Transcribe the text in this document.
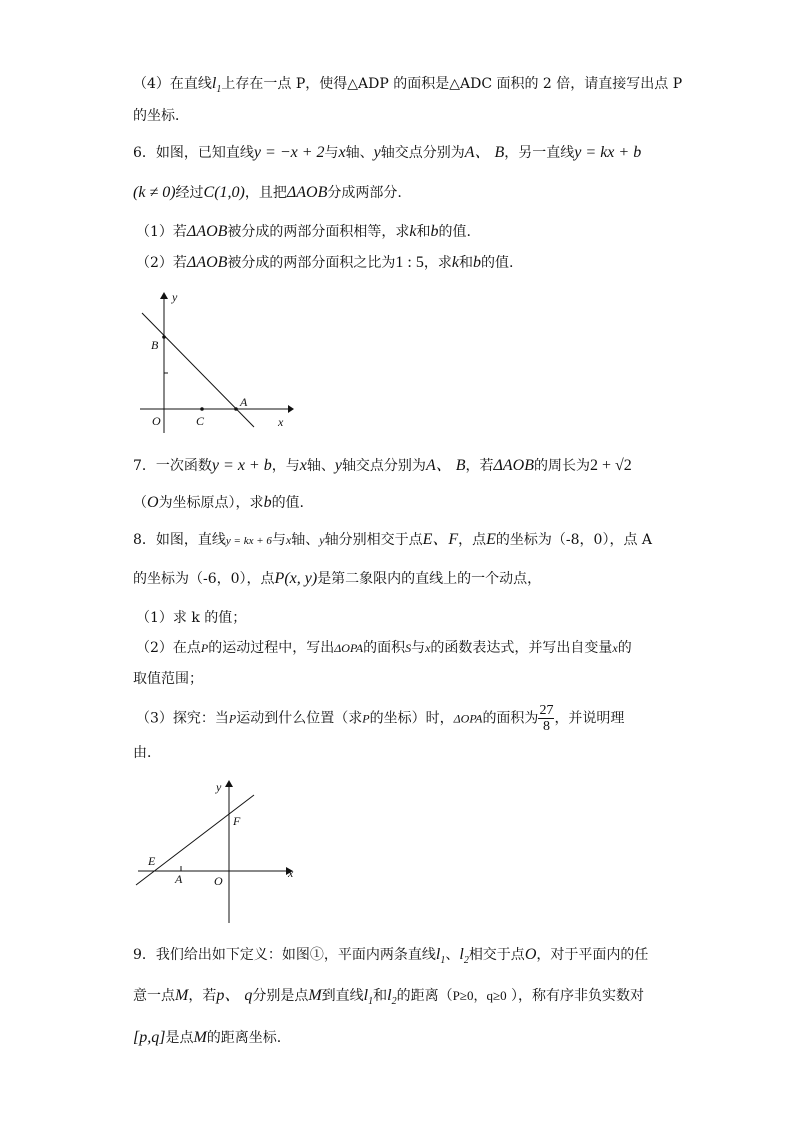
（4）在直线$l_1$上存在一点 P，使得△ADP 的面积是△ADC 面积的 2 倍，请直接写出点 P
的坐标．
6．如图，已知直线y = −x + 2与x轴、y轴交点分别为A、 B，另一直线y = kx + b
(k ≠ 0)经过C(1,0)，且把ΔAOB分成两部分.
（1）若ΔAOB被分成的两部分面积相等，求k和b的值.
（2）若ΔAOB被分成的两部分面积之比为1 : 5，求k和b的值.
y
B
O	C
A
x
7．一次函数y = x + b，与x轴、y轴交点分别为A、 B，若ΔAOB的周长为2 + √2
（O为坐标原点），求b的值.
8．如图，直线y = kx + 6与x轴、y轴分别相交于点E、F，点E的坐标为（-8，0），点 A
的坐标为（-6，0），点P(x, y)是第二象限内的直线上的一个动点，
（1）求 k 的值；
（2）在点P的运动过程中，写出ΔOPA的面积S与x的函数表达式，并写出自变量x的
取值范围；
（3）探究：当P运动到什么位置（求P的坐标）时，ΔOPA的面积为 $\frac{27}{8}$ ，并说明理
由．
y
F
E
A	O
x
9．我们给出如下定义：如图①，平面内两条直线$l_1$、$l_2$相交于点O，对于平面内的任
意一点M，若p、 q分别是点M到直线$l_1$和$l_2$的距离（P≥0，q≥0 ），称有序非负实数对
[p,q]是点M的距离坐标.
